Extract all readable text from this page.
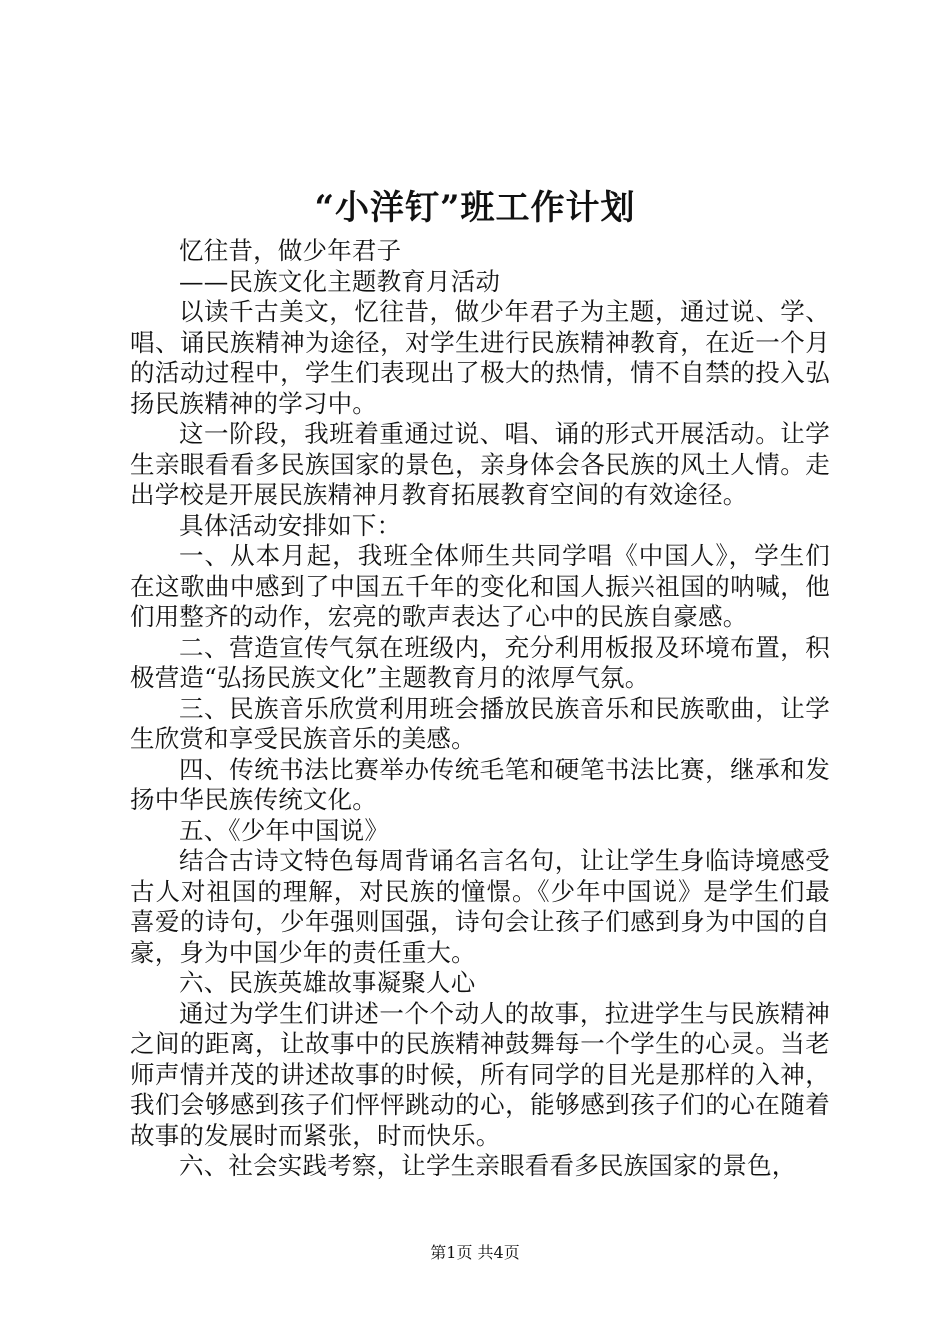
“小洋钉”班工作计划

忆往昔，做少年君子

——民族文化主题教育月活动

以读千古美文，忆往昔，做少年君子为主题，通过说、学、唱、诵民族精神为途径，对学生进行民族精神教育，在近一个月的活动过程中，学生们表现出了极大的热情，情不自禁的投入弘扬民族精神的学习中。

这一阶段，我班着重通过说、唱、诵的形式开展活动。让学生亲眼看看多民族国家的景色，亲身体会各民族的风土人情。走出学校是开展民族精神月教育拓展教育空间的有效途径。

具体活动安排如下：

一、从本月起，我班全体师生共同学唱《中国人》，学生们在这歌曲中感到了中国五千年的变化和国人振兴祖国的呐喊，他们用整齐的动作，宏亮的歌声表达了心中的民族自豪感。

二、营造宣传气氛在班级内，充分利用板报及环境布置，积极营造“弘扬民族文化”主题教育月的浓厚气氛。

三、民族音乐欣赏利用班会播放民族音乐和民族歌曲，让学生欣赏和享受民族音乐的美感。

四、传统书法比赛举办传统毛笔和硬笔书法比赛，继承和发扬中华民族传统文化。

五、《少年中国说》

结合古诗文特色每周背诵名言名句，让让学生身临诗境感受古人对祖国的理解，对民族的憧憬。《少年中国说》是学生们最喜爱的诗句，少年强则国强，诗句会让孩子们感到身为中国的自豪，身为中国少年的责任重大。

六、民族英雄故事凝聚人心

通过为学生们讲述一个个动人的故事，拉进学生与民族精神之间的距离，让故事中的民族精神鼓舞每一个学生的心灵。当老师声情并茂的讲述故事的时候，所有同学的目光是那样的入神，我们会够感到孩子们怦怦跳动的心，能够感到孩子们的心在随着故事的发展时而紧张，时而快乐。

六、社会实践考察，让学生亲眼看看多民族国家的景色，

第1页 共4页
